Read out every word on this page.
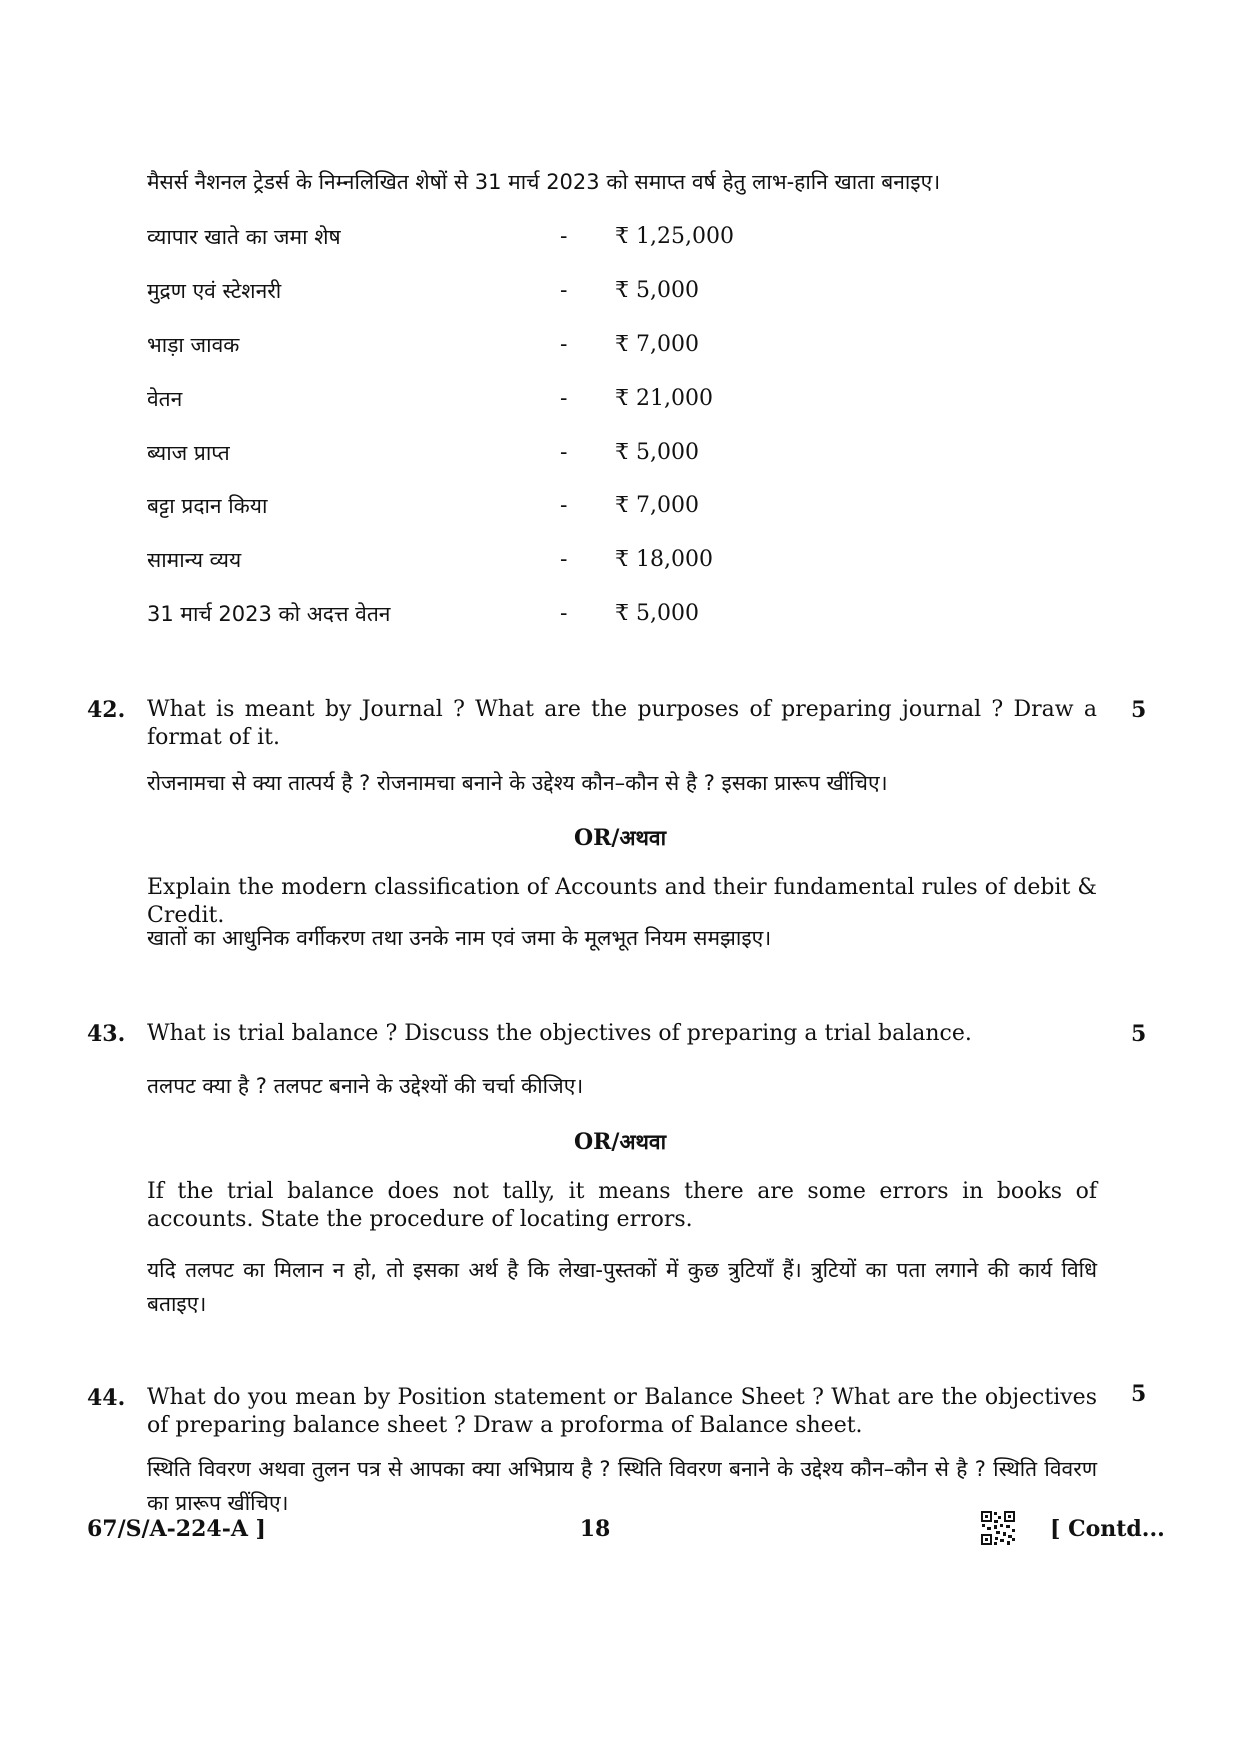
मैसर्स नैशनल ट्रेडर्स के निम्नलिखित शेषों से 31 मार्च 2023 को समाप्त वर्ष हेतु लाभ-हानि खाता बनाइए।
व्यापार खाते का जमा शेष	- ₹ 1,25,000
मुद्रण एवं स्टेशनरी	- ₹ 5,000
भाड़ा जावक	- ₹ 7,000
वेतन	- ₹ 21,000
ब्याज प्राप्त	- ₹ 5,000
बट्टा प्रदान किया	- ₹ 7,000
सामान्य व्यय	- ₹ 18,000
31 मार्च 2023 को अदत्त वेतन	- ₹ 5,000
42.	5
What is meant by Journal ? What are the purposes of preparing journal ? Draw a format of it.
रोजनामचा से क्या तात्पर्य है ? रोजनामचा बनाने के उद्देश्य कौन–कौन से है ? इसका प्रारूप खींचिए।
OR/अथवा
Explain the modern classification of Accounts and their fundamental rules of debit & Credit.
खातों का आधुनिक वर्गीकरण तथा उनके नाम एवं जमा के मूलभूत नियम समझाइए।
43.	5
What is trial balance ? Discuss the objectives of preparing a trial balance.
तलपट क्या है ? तलपट बनाने के उद्देश्यों की चर्चा कीजिए।
OR/अथवा
If the trial balance does not tally, it means there are some errors in books of accounts. State the procedure of locating errors.
यदि तलपट का मिलान न हो, तो इसका अर्थ है कि लेखा-पुस्तकों में कुछ त्रुटियाँ हैं। त्रुटियों का पता लगाने की कार्य विधि बताइए।
44.	5
What do you mean by Position statement or Balance Sheet ? What are the objectives of preparing balance sheet ? Draw a proforma of Balance sheet.
स्थिति विवरण अथवा तुलन पत्र से आपका क्या अभिप्राय है ? स्थिति विवरण बनाने के उद्देश्य कौन–कौन से है ? स्थिति विवरण का प्रारूप खींचिए।
67/S/A-224-A ]	18	[ Contd...
